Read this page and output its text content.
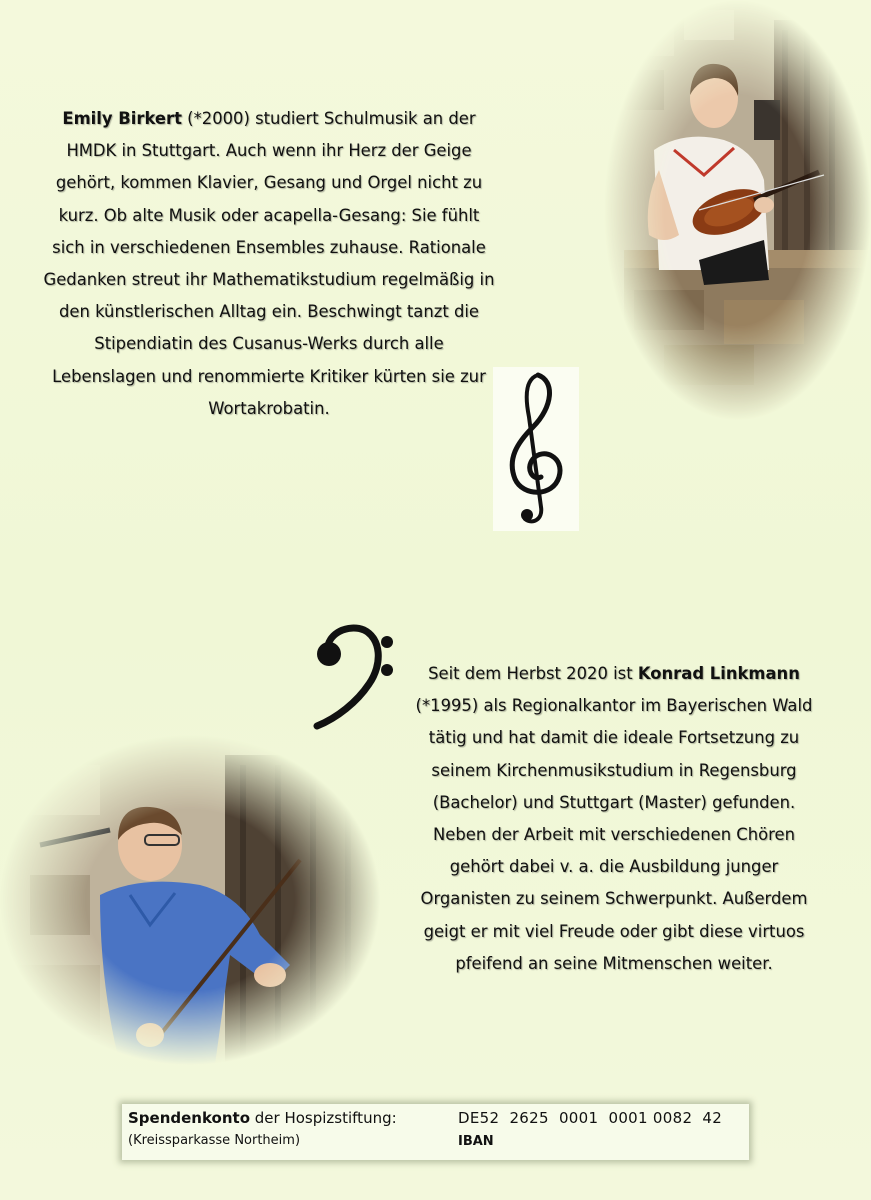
Emily Birkert (*2000) studiert Schulmusik an der HMDK in Stuttgart. Auch wenn ihr Herz der Geige gehört, kommen Klavier, Gesang und Orgel nicht zu kurz. Ob alte Musik oder acapella-Gesang: Sie fühlt sich in verschiedenen Ensembles zuhause. Rationale Gedanken streut ihr Mathematikstudium regelmäßig in den künstlerischen Alltag ein. Beschwingt tanzt die Stipendiatin des Cusanus-Werks durch alle Lebenslagen und renommierte Kritiker kürten sie zur Wortakrobatin.

Seit dem Herbst 2020 ist Konrad Linkmann (*1995) als Regionalkantor im Bayerischen Wald tätig und hat damit die ideale Fortsetzung zu seinem Kirchenmusikstudium in Regensburg (Bachelor) und Stuttgart (Master) gefunden. Neben der Arbeit mit verschiedenen Chören gehört dabei v. a. die Ausbildung junger Organisten zu seinem Schwerpunkt. Außerdem geigt er mit viel Freude oder gibt diese virtuos pfeifend an seine Mitmenschen weiter.

Spendenkonto der Hospizstiftung:
(Kreissparkasse Northeim)
DE52  2625  0001  0001 0082  42
IBAN
